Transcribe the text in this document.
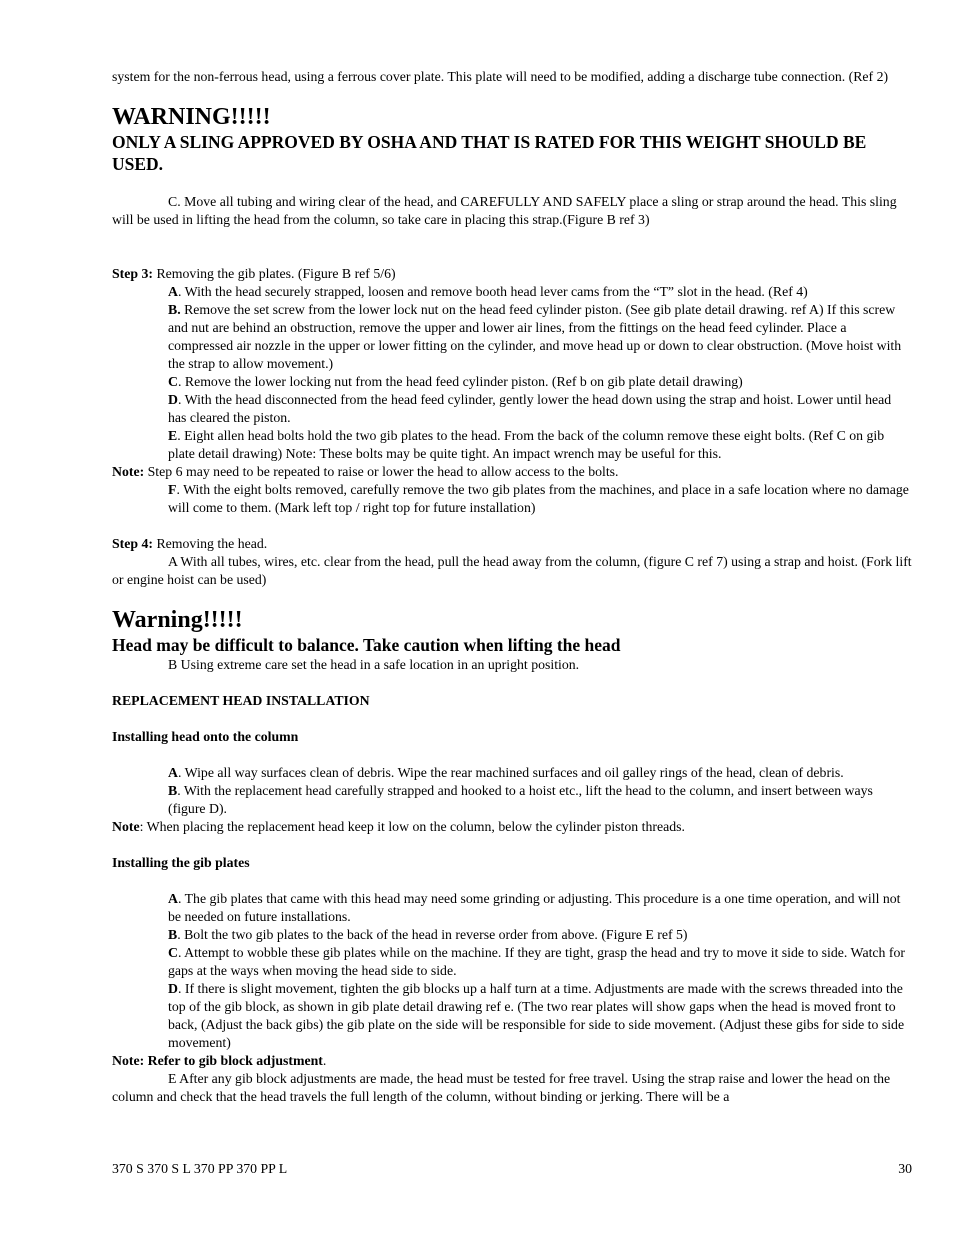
system for the non-ferrous head, using a ferrous cover plate. This plate will need to be modified, adding a discharge tube connection. (Ref 2)

WARNING!!!!!
ONLY A SLING APPROVED BY OSHA AND THAT IS RATED FOR THIS WEIGHT SHOULD BE USED.

C. Move all tubing and wiring clear of the head, and CAREFULLY AND SAFELY place a sling or strap around the head. This sling will be used in lifting the head from the column, so take care in placing this strap.(Figure B ref 3)

Step 3: Removing the gib plates. (Figure B ref 5/6)

A. With the head securely strapped, loosen and remove booth head lever cams from the “T” slot in the head. (Ref 4)

B. Remove the set screw from the lower lock nut on the head feed cylinder piston. (See gib plate detail drawing. ref A) If this screw and nut are behind an obstruction, remove the upper and lower air lines, from the fittings on the head feed cylinder. Place a compressed air nozzle in the upper or lower fitting on the cylinder, and move head up or down to clear obstruction. (Move hoist with the strap to allow movement.)

C. Remove the lower locking nut from the head feed cylinder piston. (Ref b on gib plate detail drawing)

D. With the head disconnected from the head feed cylinder, gently lower the head down using the strap and hoist. Lower until head has cleared the piston.

E. Eight allen head bolts hold the two gib plates to the head. From the back of the column remove these eight bolts. (Ref C on gib plate detail drawing) Note: These bolts may be quite tight. An impact wrench may be useful for this.

Note: Step 6 may need to be repeated to raise or lower the head to allow access to the bolts.

F. With the eight bolts removed, carefully remove the two gib plates from the machines, and place in a safe location where no damage will come to them. (Mark left top / right top for future installation)

Step 4: Removing the head.

A With all tubes, wires, etc. clear from the head, pull the head away from the column, (figure C ref 7) using a strap and hoist. (Fork lift or engine hoist can be used)

Warning!!!!!
Head may be difficult to balance. Take caution when lifting the head

B Using extreme care set the head in a safe location in an upright position.

REPLACEMENT HEAD INSTALLATION

Installing head onto the column

A. Wipe all way surfaces clean of debris. Wipe the rear machined surfaces and oil galley rings of the head, clean of debris.

B. With the replacement head carefully strapped and hooked to a hoist etc., lift the head to the column, and insert between ways (figure D).

Note: When placing the replacement head keep it low on the column, below the cylinder piston threads.

Installing the gib plates

A. The gib plates that came with this head may need some grinding or adjusting. This procedure is a one time operation, and will not be needed on future installations.

B. Bolt the two gib plates to the back of the head in reverse order from above. (Figure E ref 5)

C. Attempt to wobble these gib plates while on the machine. If they are tight, grasp the head and try to move it side to side. Watch for gaps at the ways when moving the head side to side.

D. If there is slight movement, tighten the gib blocks up a half turn at a time. Adjustments are made with the screws threaded into the top of the gib block, as shown in gib plate detail drawing ref e. (The two rear plates will show gaps when the head is moved front to back, (Adjust the back gibs) the gib plate on the side will be responsible for side to side movement. (Adjust these gibs for side to side movement)

Note: Refer to gib block adjustment.

E After any gib block adjustments are made, the head must be tested for free travel. Using the strap raise and lower the head on the column and check that the head travels the full length of the column, without binding or jerking. There will be a

370 S 370 S L 370 PP 370 PP L	30
